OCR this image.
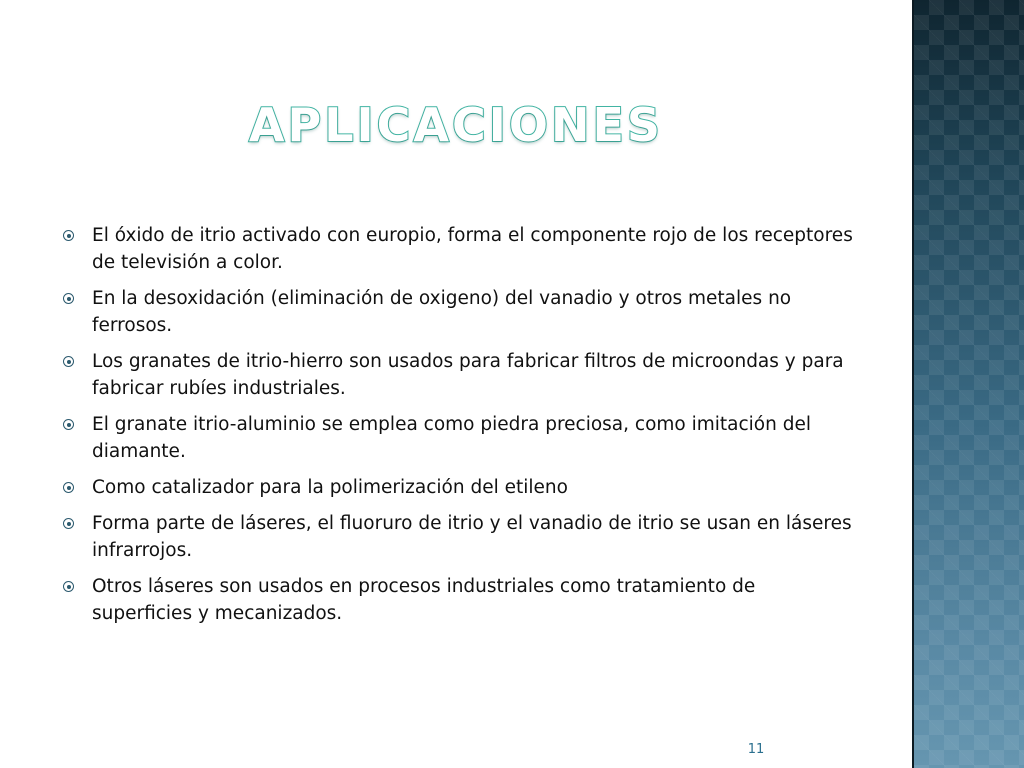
APLICACIONES
El óxido de itrio activado con europio, forma el componente rojo de los receptores de televisión a color.
En la desoxidación (eliminación de oxigeno) del vanadio y otros metales no ferrosos.
Los granates de itrio-hierro son usados para fabricar filtros de microondas y para fabricar rubíes industriales.
El granate itrio-aluminio se emplea como piedra preciosa, como imitación del diamante.
Como catalizador para la polimerización del etileno
Forma parte de láseres, el fluoruro de itrio y el vanadio de itrio se usan en láseres infrarrojos.
Otros láseres son usados en procesos industriales como tratamiento de superficies y mecanizados.
11
